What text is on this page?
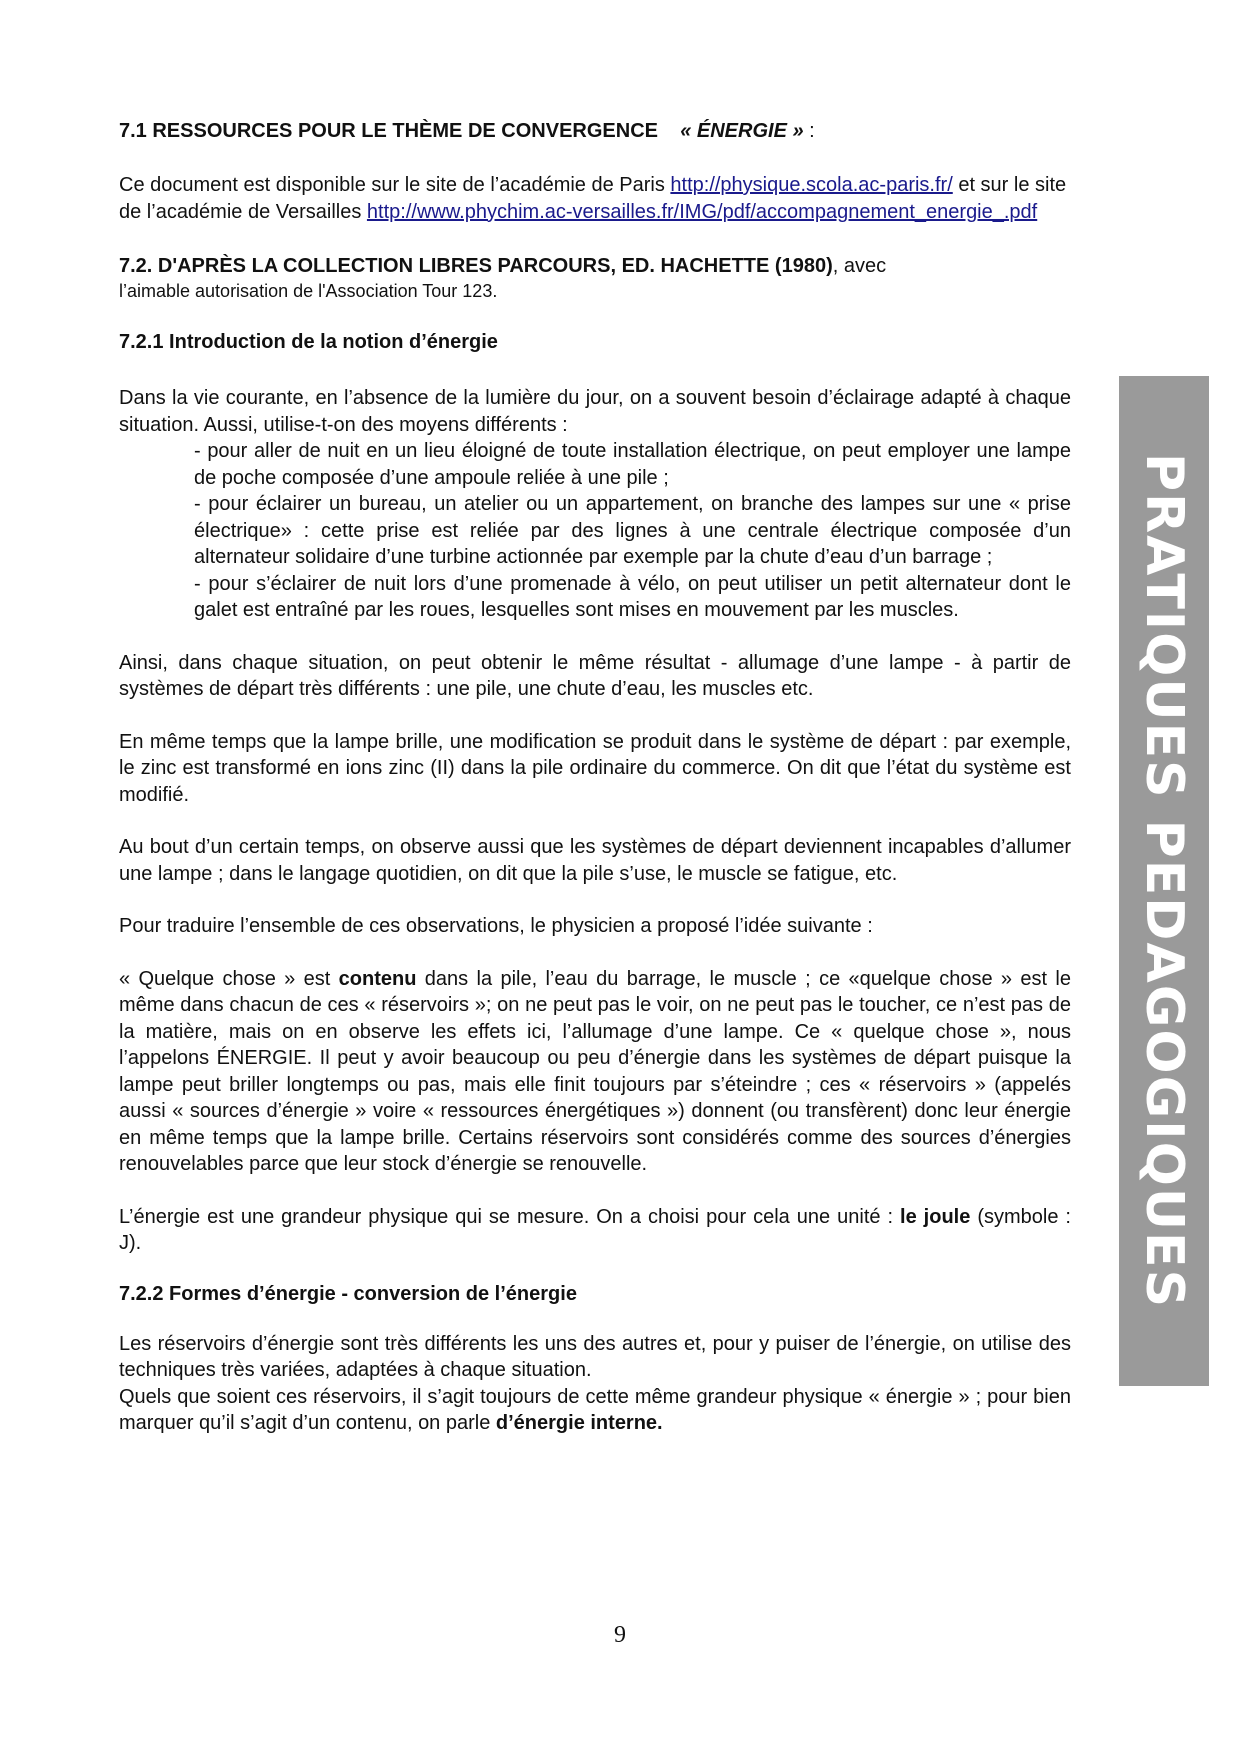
7.1 RESSOURCES POUR LE THÈME DE CONVERGENCE « ÉNERGIE » :

Ce document est disponible sur le site de l’académie de Paris http://physique.scola.ac-paris.fr/ et sur le site de l’académie de Versailles http://www.phychim.ac-versailles.fr/IMG/pdf/accompagnement_energie_.pdf

7.2. D'APRÈS LA COLLECTION LIBRES PARCOURS, ED. HACHETTE (1980), avec

l’aimable autorisation de l'Association Tour 123.

7.2.1 Introduction de la notion d’énergie

Dans la vie courante, en l’absence de la lumière du jour, on a souvent besoin d’éclairage adapté à chaque situation. Aussi, utilise-t-on des moyens différents :

- pour aller de nuit en un lieu éloigné de toute installation électrique, on peut employer une lampe de poche composée d’une ampoule reliée à une pile ;

- pour éclairer un bureau, un atelier ou un appartement, on branche des lampes sur une « prise électrique» : cette prise est reliée par des lignes à une centrale électrique composée d’un alternateur solidaire d’une turbine actionnée par exemple par la chute d’eau d’un barrage ;

- pour s’éclairer de nuit lors d’une promenade à vélo, on peut utiliser un petit alternateur dont le galet est entraîné par les roues, lesquelles sont mises en mouvement par les muscles.

Ainsi, dans chaque situation, on peut obtenir le même résultat - allumage d’une lampe - à partir de systèmes de départ très différents : une pile, une chute d’eau, les muscles etc.

En même temps que la lampe brille, une modification se produit dans le système de départ : par exemple, le zinc est transformé en ions zinc (II) dans la pile ordinaire du commerce. On dit que l’état du système est modifié.

Au bout d’un certain temps, on observe aussi que les systèmes de départ deviennent incapables d’allumer une lampe ; dans le langage quotidien, on dit que la pile s’use, le muscle se fatigue, etc.

Pour traduire l’ensemble de ces observations, le physicien a proposé l’idée suivante :

« Quelque chose » est contenu dans la pile, l’eau du barrage, le muscle ; ce «quelque chose » est le même dans chacun de ces « réservoirs »; on ne peut pas le voir, on ne peut pas le toucher, ce n’est pas de la matière, mais on en observe les effets ici, l’allumage d’une lampe. Ce « quelque chose », nous l’appelons ÉNERGIE. Il peut y avoir beaucoup ou peu d’énergie dans les systèmes de départ puisque la lampe peut briller longtemps ou pas, mais elle finit toujours par s’éteindre ; ces « réservoirs » (appelés aussi « sources d’énergie » voire « ressources énergétiques ») donnent (ou transfèrent) donc leur énergie en même temps que la lampe brille. Certains réservoirs sont considérés comme des sources d’énergies renouvelables parce que leur stock d’énergie se renouvelle.

L’énergie est une grandeur physique qui se mesure. On a choisi pour cela une unité : le joule (symbole : J).

7.2.2 Formes d’énergie - conversion de l’énergie

Les réservoirs d’énergie sont très différents les uns des autres et, pour y puiser de l’énergie, on utilise des techniques très variées, adaptées à chaque situation.

Quels que soient ces réservoirs, il s’agit toujours de cette même grandeur physique « énergie » ; pour bien marquer qu’il s’agit d’un contenu, on parle d’énergie interne.

PRATIQUES PEDAGOGIQUES
9
